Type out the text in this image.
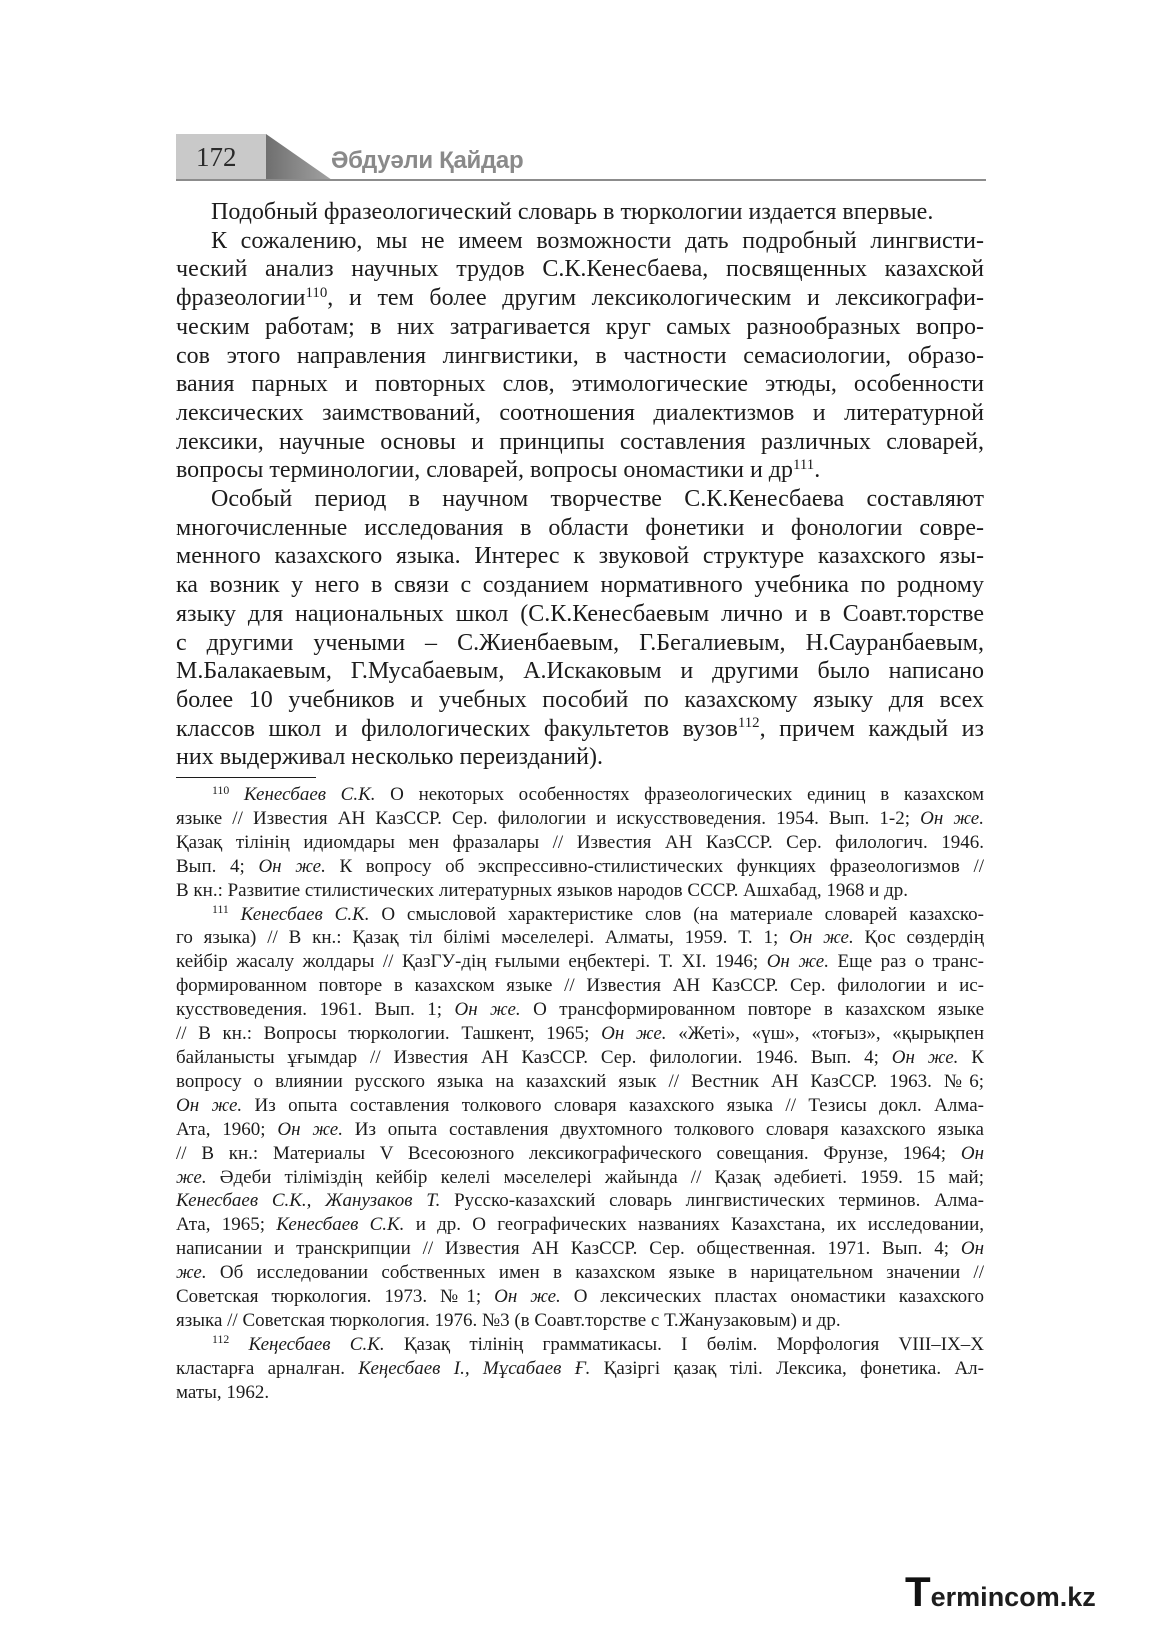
172	Әбдуәли Қайдар
Подобный фразеологический словарь в тюркологии издается впервые.
К сожалению, мы не имеем возможности дать подробный лингвисти-
ческий анализ научных трудов С.К.Кенесбаева, посвященных казахской
фразеологии$^{110}$, и тем более другим лексикологическим и лексикографи-
ческим работам; в них затрагивается круг самых разнообразных вопро-
сов этого направления лингвистики, в частности семасиологии, образо-
вания парных и повторных слов, этимологические этюды, особенности
лексических заимствований, соотношения диалектизмов и литературной
лексики, научные основы и принципы составления различных словарей,
вопросы терминологии, словарей, вопросы ономастики и $др^{111}$.
Особый период в научном творчестве С.К.Кенесбаева составляют
многочисленные исследования в области фонетики и фонологии совре-
менного казахского языка. Интерес к звуковой структуре казахского язы-
ка возник у него в связи с созданием нормативного учебника по родному
языку для национальных школ (С.К.Кенесбаевым лично и в Соавт.торстве
с другими учеными – С.Жиенбаевым, Г.Бегалиевым, Н.Сауранбаевым,
М.Балакаевым, Г.Мусабаевым, А.Искаковым и другими было написано
более 10 учебников и учебных пособий по казахскому языку для всех
классов школ и филологических факультетов вузов$^{112}$, причем каждый из
них выдерживал несколько переизданий).
$^{110}$ Кенесбаев С.К. О некоторых особенностях фразеологических единиц в казахском
языке // Известия АН КазССР. Сер. филологии и искусствоведения. 1954. Вып. 1-2; Он же.
Қазақ тілінің идиомдары мен фразалары // Известия АН КазССР. Сер. филологич. 1946.
Вып. 4; Он же. К вопросу об экспрессивно-стилистических функциях фразеологизмов //
В кн.: Развитие стилистических литературных языков народов СССР. Ашхабад, 1968 и др.
$^{111}$ Кенесбаев С.К. О смысловой характеристике слов (на материале словарей казахско-
го языка) // В кн.: Қазақ тіл білімі мәселелері. Алматы, 1959. Т. 1; Он же. Қос сөздердің
кейбір жасалу жолдары // ҚазГУ-дің ғылыми еңбектері. Т. XI. 1946; Он же. Еще раз о транс-
формированном повторе в казахском языке // Известия АН КазССР. Сер. филологии и ис-
кусствоведения. 1961. Вып. 1; Он же. О трансформированном повторе в казахском языке
// В кн.: Вопросы тюркологии. Ташкент, 1965; Он же. «Жеті», «үш», «тоғыз», «қырықпен
байланысты ұғымдар // Известия АН КазССР. Сер. филологии. 1946. Вып. 4; Он же. К
вопросу о влиянии русского языка на казахский язык // Вестник АН КазССР. 1963. №6;
Он же. Из опыта составления толкового словаря казахского языка // Тезисы докл. Алма-
Ата, 1960; Он же. Из опыта составления двухтомного толкового словаря казахского языка
// В кн.: Материалы V Всесоюзного лексикографического совещания. Фрунзе, 1964; Он
же. Әдеби тіліміздің кейбір келелі мәселелері жайында // Қазақ әдебиеті. 1959. 15 май;
Кенесбаев С.К., Жанузаков Т. Русско-казахский словарь лингвистических терминов. Алма-
Ата, 1965; Кенесбаев С.К. и др. О географических названиях Казахстана, их исследовании,
написании и транскрипции // Известия АН КазССР. Сер. общественная. 1971. Вып. 4; Он
же. Об исследовании собственных имен в казахском языке в нарицательном значении //
Советская тюркология. 1973. №1; Он же. О лексических пластах ономастики казахского
языка // Советская тюркология. 1976. №3 (в Соавт.торстве с Т.Жанузаковым) и др.
$^{112}$ Кеңесбаев С.К. Қазақ тілінің грамматикасы. І бөлім. Морфология VIII–IX–X
кластарға арналған. Кеңесбаев І., Мұсабаев Ғ. Қазіргі қазақ тілі. Лексика, фонетика. Ал-
маты, 1962.
Termincom.kz
